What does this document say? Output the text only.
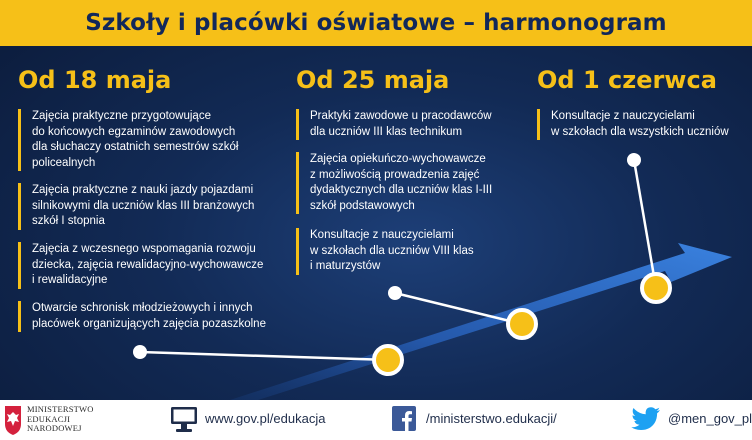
Szkoły i placówki oświatowe – harmonogram
Od 18 maja
Zajęcia praktyczne przygotowujące
do końcowych egzaminów zawodowych
dla słuchaczy ostatnich semestrów szkół
policealnych
Zajęcia praktyczne z nauki jazdy pojazdami
silnikowymi dla uczniów klas III branżowych
szkół I stopnia
Zajęcia z wczesnego wspomagania rozwoju
dziecka, zajęcia rewalidacyjno-wychowawcze
i rewalidacyjne
Otwarcie schronisk młodzieżowych i innych
placówek organizujących zajęcia pozaszkolne
Od 25 maja
Praktyki zawodowe u pracodawców
dla uczniów III klas technikum
Zajęcia opiekuńczo-wychowawcze
z możliwością prowadzenia zajęć
dydaktycznych dla uczniów klas I-III
szkół podstawowych
Konsultacje z nauczycielami
w szkołach dla uczniów VIII klas
i maturzystów
Od 1 czerwca
Konsultacje z nauczycielami
w szkołach dla wszystkich uczniów
MINISTERSTWO
EDUKACJI
NARODOWEJ
www.gov.pl/edukacja	/ministerstwo.edukacji/	@men_gov_pl
